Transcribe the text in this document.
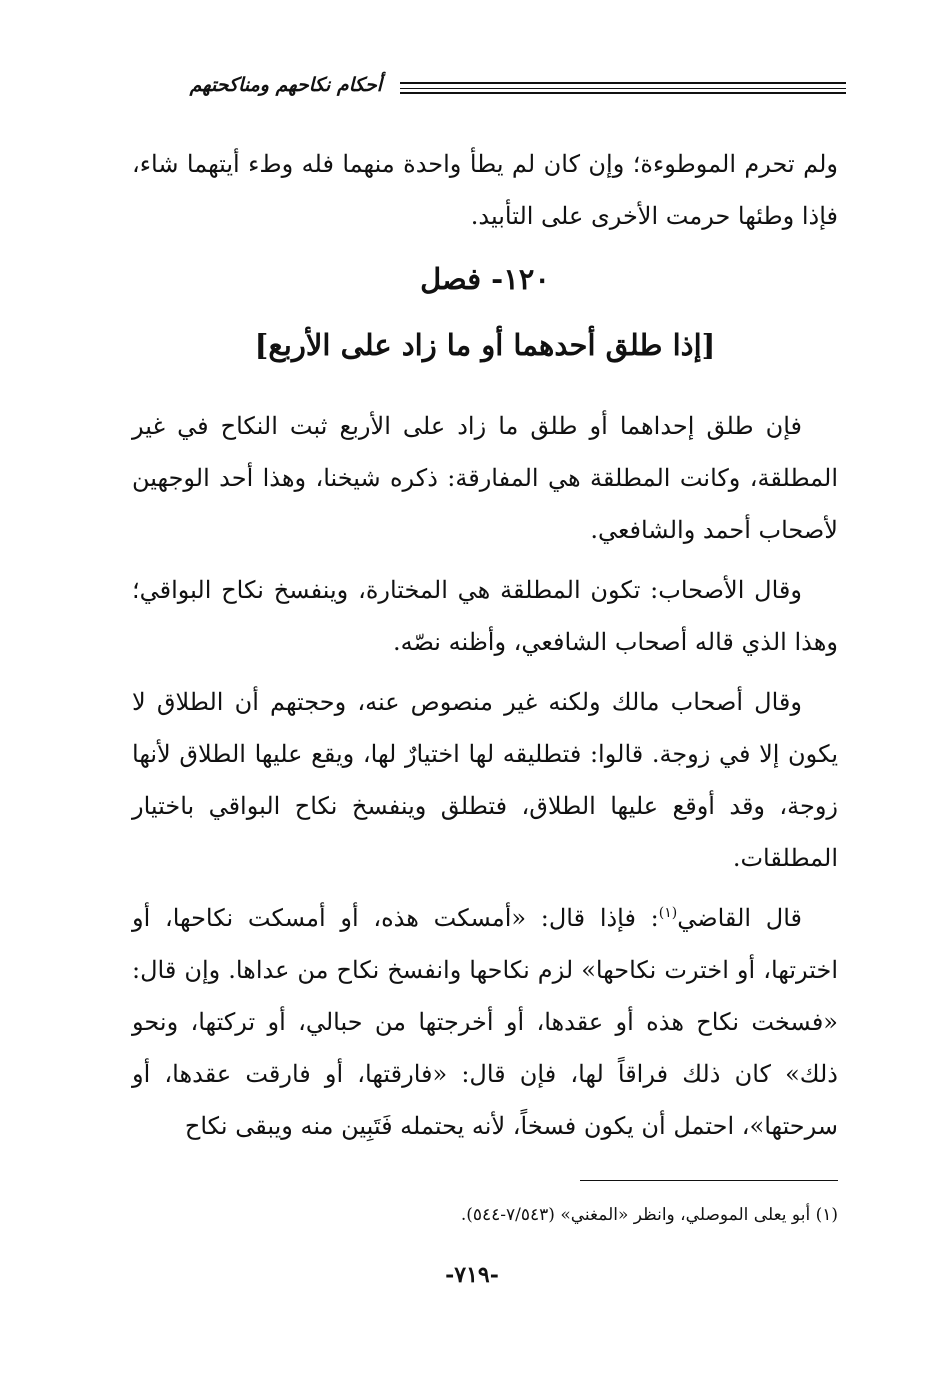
أحكام نكاحهم ومناكحتهم

ولم تحرم الموطوءة؛ وإن كان لم يطأ واحدة منهما فله وطء أيتهما شاء، فإذا وطئها حرمت الأخرى على التأبيد.

١٢٠- فصل
[إذا طلق أحدهما أو ما زاد على الأربع]

فإن طلق إحداهما أو طلق ما زاد على الأربع ثبت النكاح في غير المطلقة، وكانت المطلقة هي المفارقة: ذكره شيخنا، وهذا أحد الوجهين لأصحاب أحمد والشافعي.

وقال الأصحاب: تكون المطلقة هي المختارة، وينفسخ نكاح البواقي؛ وهذا الذي قاله أصحاب الشافعي، وأظنه نصّه.

وقال أصحاب مالك ولكنه غير منصوص عنه، وحجتهم أن الطلاق لا يكون إلا في زوجة. قالوا: فتطليقه لها اختيارٌ لها، ويقع عليها الطلاق لأنها زوجة، وقد أوقع عليها الطلاق، فتطلق وينفسخ نكاح البواقي باختيار المطلقات.

قال القاضي$^{(١)}$: فإذا قال: «أمسكت هذه، أو أمسكت نكاحها، أو اخترتها، أو اخترت نكاحها» لزم نكاحها وانفسخ نكاح من عداها. وإن قال: «فسخت نكاح هذه أو عقدها، أو أخرجتها من حبالي، أو تركتها، ونحو ذلك» كان ذلك فراقاً لها، فإن قال: «فارقتها، أو فارقت عقدها، أو سرحتها»، احتمل أن يكون فسخاً، لأنه يحتمله فَتَبِين منه ويبقى نكاح

(١) أبو يعلى الموصلي، وانظر «المغني» (٧/٥٤٣-٥٤٤).
-٧١٩-
